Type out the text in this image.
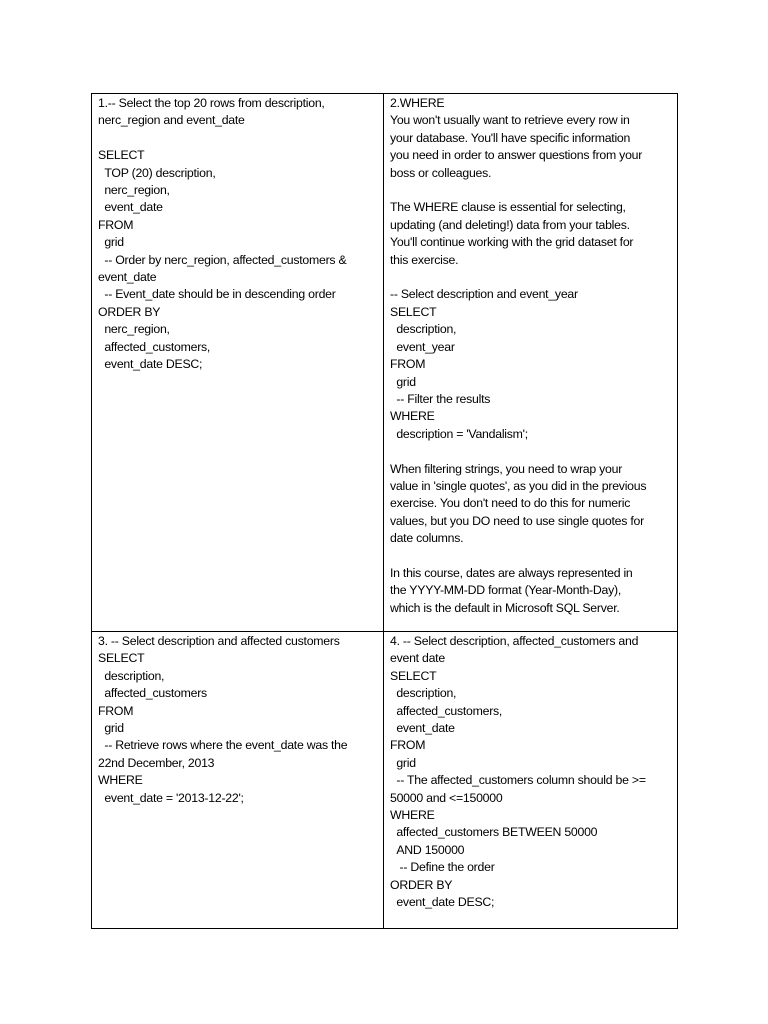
1.-- Select the top 20 rows from description,
nerc_region and event_date

SELECT
TOP (20) description,
nerc_region,
event_date
FROM
grid
-- Order by nerc_region, affected_customers &
event_date
-- Event_date should be in descending order
ORDER BY
nerc_region,
affected_customers,
event_date DESC;

2.WHERE
You won't usually want to retrieve every row in
your database. You'll have specific information
you need in order to answer questions from your
boss or colleagues.

The WHERE clause is essential for selecting,
updating (and deleting!) data from your tables.
You'll continue working with the grid dataset for
this exercise.

-- Select description and event_year
SELECT
description,
event_year
FROM
grid
-- Filter the results
WHERE
description = 'Vandalism';

When filtering strings, you need to wrap your
value in 'single quotes', as you did in the previous
exercise. You don't need to do this for numeric
values, but you DO need to use single quotes for
date columns.

In this course, dates are always represented in
the YYYY-MM-DD format (Year-Month-Day),
which is the default in Microsoft SQL Server.

3. -- Select description and affected customers
SELECT
description,
affected_customers
FROM
grid
-- Retrieve rows where the event_date was the
22nd December, 2013
WHERE
event_date = '2013-12-22';

4. -- Select description, affected_customers and
event date
SELECT
description,
affected_customers,
event_date
FROM
grid
-- The affected_customers column should be >=
50000 and <=150000
WHERE
affected_customers BETWEEN 50000
AND 150000
-- Define the order
ORDER BY
event_date DESC;
